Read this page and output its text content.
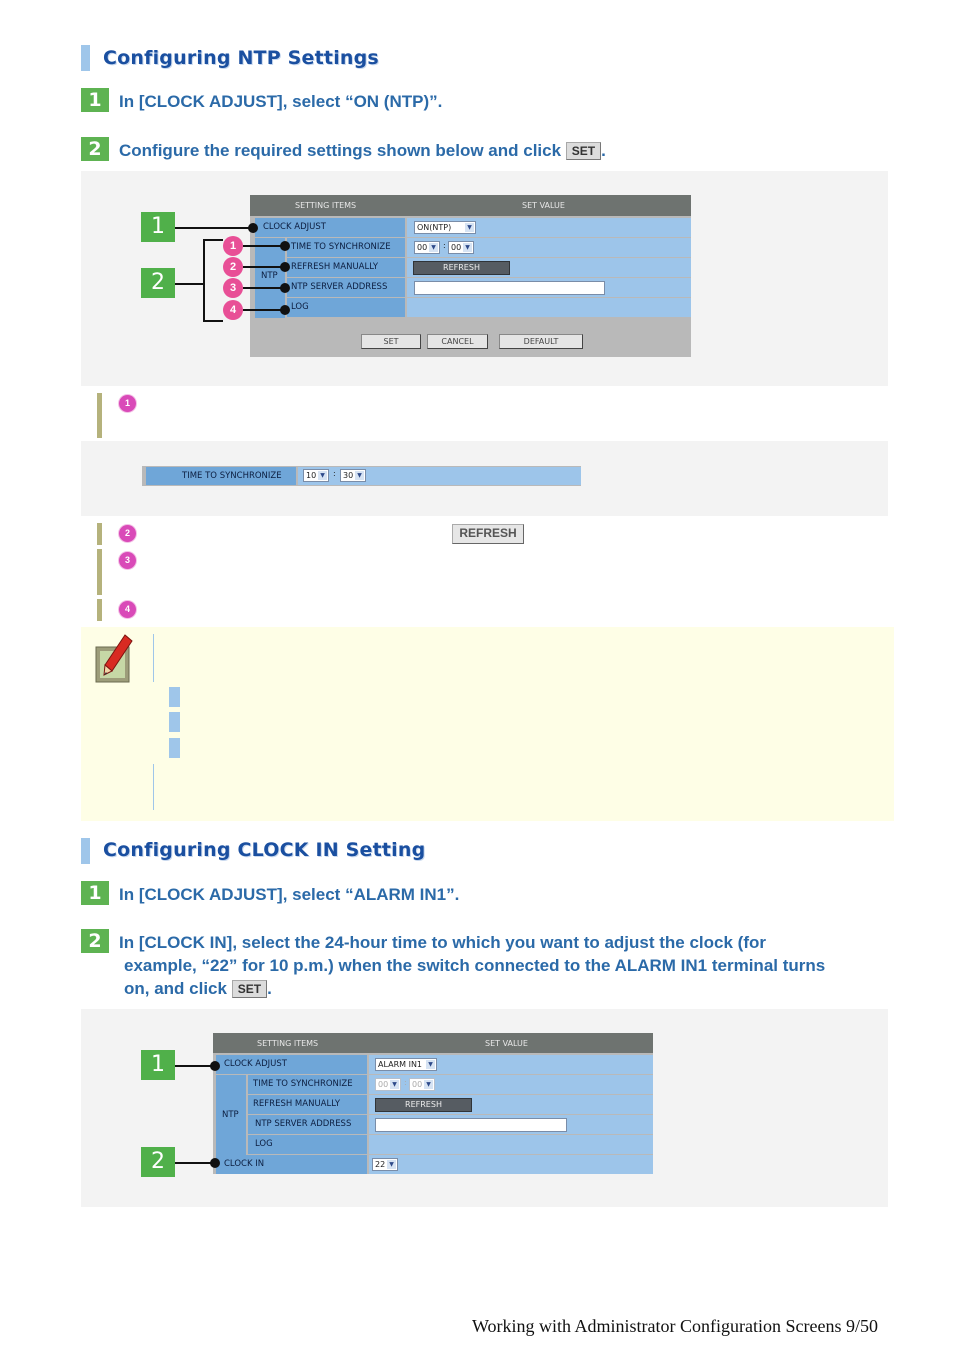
Configuring NTP Settings
1	In [CLOCK ADJUST], select “ON (NTP)”.
2	Configure the required settings shown below and click SET .
SETTING ITEMS	SET VALUE
CLOCK ADJUST	ON(NTP)	▼
NTP
TIME TO SYNCHRONIZE	00 ▼ : 00 ▼
REFRESH MANUALLY	REFRESH
NTP SERVER ADDRESS
LOG
SET	CANCEL	DEFAULT
1
2
1
2
3
4
1
TIME TO SYNCHRONIZE	10 ▼ : 30 ▼
2	REFRESH
3
4
Configuring CLOCK IN Setting
1	In [CLOCK ADJUST], select “ALARM IN1”.
2	In [CLOCK IN], select the 24-hour time to which you want to adjust the clock (for
example, “22” for 10 p.m.) when the switch connected to the ALARM IN1 terminal turns
on, and click SET .
SETTING ITEMS	SET VALUE
CLOCK ADJUST	ALARM IN1	▼
NTP
TIME TO SYNCHRONIZE	00 ▼ : 00 ▼
REFRESH MANUALLY	REFRESH
NTP SERVER ADDRESS
LOG
CLOCK IN	22 ▼
1
2
Working with Administrator Configuration Screens 9/50
